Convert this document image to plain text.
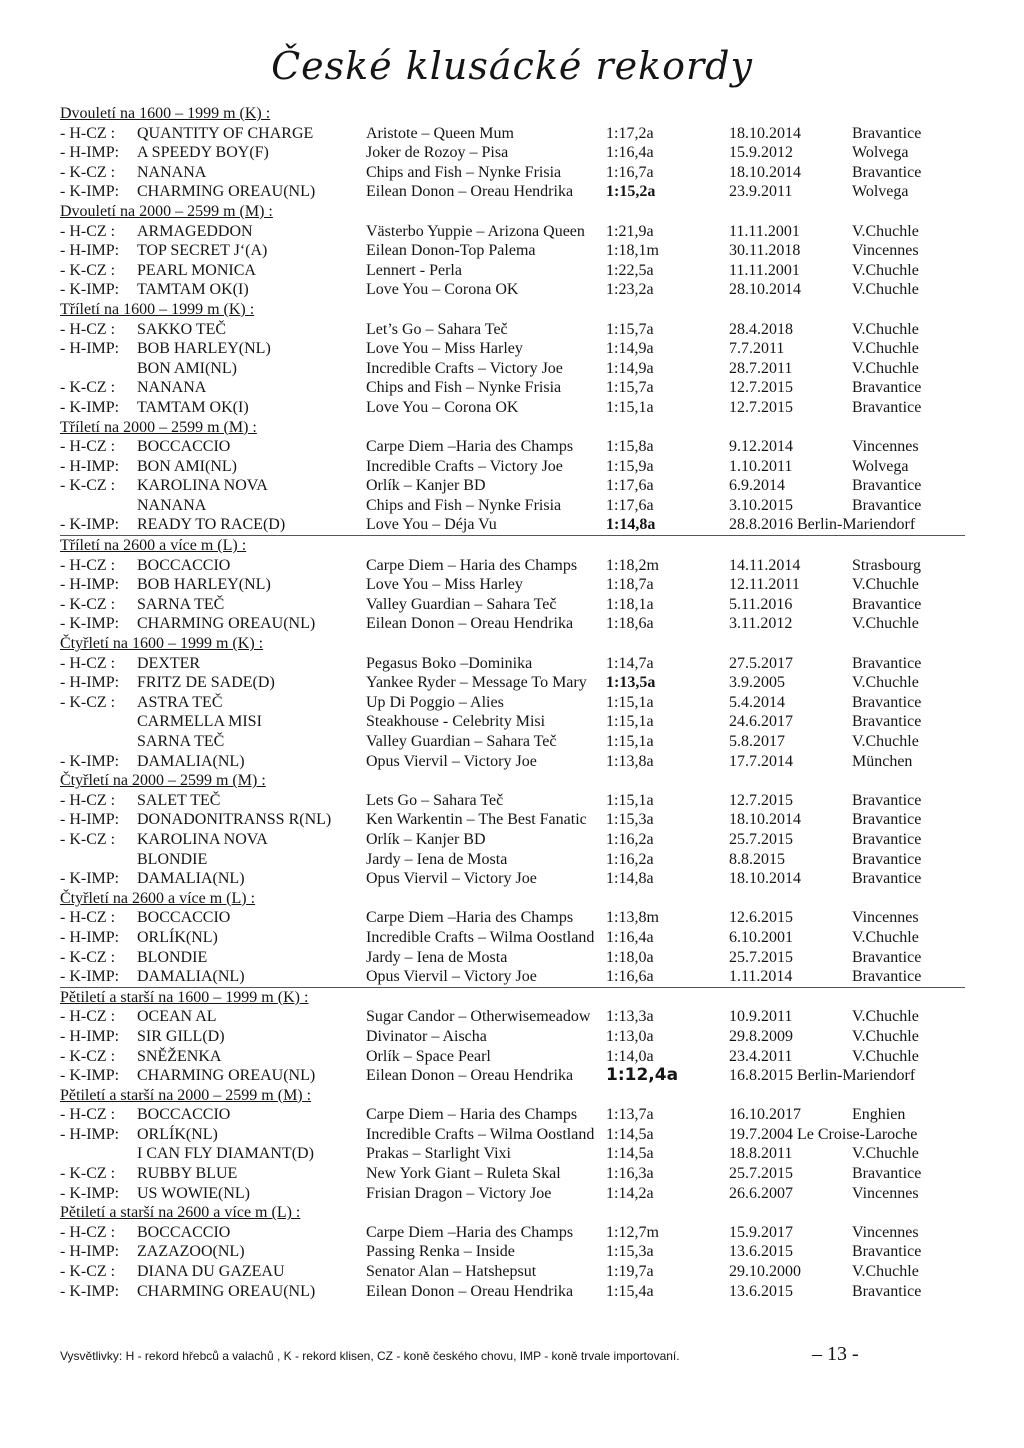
České klusácké rekordy
Dvouletí na 1600 – 1999 m (K) :
- H-CZ : QUANTITY OF CHARGE	Aristote – Queen Mum	1:17,2a	18.10.2014	Bravantice
- H-IMP: A SPEEDY BOY(F)	Joker de Rozoy – Pisa	1:16,4a	15.9.2012	Wolvega
- K-CZ : NANANA	Chips and Fish – Nynke Frisia	1:16,7a	18.10.2014	Bravantice
- K-IMP: CHARMING OREAU(NL)	Eilean Donon – Oreau Hendrika 1:15,2a	23.9.2011	Wolvega
Dvouletí na 2000 – 2599 m (M) :
- H-CZ : ARMAGEDDON	Västerbo Yuppie – Arizona Queen 1:21,9a	11.11.2001	V.Chuchle
- H-IMP: TOP SECRET J‘(A)	Eilean Donon-Top Palema	1:18,1m	30.11.2018	Vincennes
- K-CZ : PEARL MONICA	Lennert - Perla	1:22,5a	11.11.2001	V.Chuchle
- K-IMP: TAMTAM OK(I)	Love You – Corona OK	1:23,2a	28.10.2014	V.Chuchle
Tříletí na 1600 – 1999 m (K) :
- H-CZ : SAKKO TEČ	Let’s Go – Sahara Teč	1:15,7a	28.4.2018	V.Chuchle
- H-IMP: BOB HARLEY(NL)	Love You – Miss Harley	1:14,9a	7.7.2011	V.Chuchle
BON AMI(NL)	Incredible Crafts – Victory Joe	1:14,9a	28.7.2011	V.Chuchle
- K-CZ : NANANA	Chips and Fish – Nynke Frisia	1:15,7a	12.7.2015	Bravantice
- K-IMP: TAMTAM OK(I)	Love You – Corona OK	1:15,1a	12.7.2015	Bravantice
Tříletí na 2000 – 2599 m (M) :
- H-CZ : BOCCACCIO	Carpe Diem –Haria des Champs 1:15,8a	9.12.2014	Vincennes
- H-IMP: BON AMI(NL)	Incredible Crafts – Victory Joe	1:15,9a	1.10.2011	Wolvega
- K-CZ : KAROLINA NOVA	Orlík – Kanjer BD	1:17,6a	6.9.2014	Bravantice
NANANA	Chips and Fish – Nynke Frisia	1:17,6a	3.10.2015	Bravantice
- K-IMP: READY TO RACE(D)	Love You – Déja Vu	1:14,8a	28.8.2016 Berlin-Mariendorf
Tříletí na 2600 a více m (L) :
- H-CZ : BOCCACCIO	Carpe Diem – Haria des Champs 1:18,2m	14.11.2014	Strasbourg
- H-IMP: BOB HARLEY(NL)	Love You – Miss Harley	1:18,7a	12.11.2011	V.Chuchle
- K-CZ : SARNA TEČ	Valley Guardian – Sahara Teč	1:18,1a	5.11.2016	Bravantice
- K-IMP: CHARMING OREAU(NL)	Eilean Donon – Oreau Hendrika 1:18,6a	3.11.2012	V.Chuchle
Čtyřletí na 1600 – 1999 m (K) :
- H-CZ : DEXTER	Pegasus Boko –Dominika	1:14,7a	27.5.2017	Bravantice
- H-IMP: FRITZ DE SADE(D)	Yankee Ryder – Message To Mary 1:13,5a	3.9.2005	V.Chuchle
- K-CZ : ASTRA TEČ	Up Di Poggio – Alies	1:15,1a	5.4.2014	Bravantice
CARMELLA MISI	Steakhouse - Celebrity Misi	1:15,1a	24.6.2017	Bravantice
SARNA TEČ	Valley Guardian – Sahara Teč	1:15,1a	5.8.2017	V.Chuchle
- K-IMP: DAMALIA(NL)	Opus Viervil – Victory Joe	1:13,8a	17.7.2014	München
Čtyřletí na 2000 – 2599 m (M) :
- H-CZ : SALET TEČ	Lets Go – Sahara Teč	1:15,1a	12.7.2015	Bravantice
- H-IMP: DONADONITRANSS R(NL) Ken Warkentin – The Best Fanatic 1:15,3a	18.10.2014	Bravantice
- K-CZ : KAROLINA NOVA	Orlík – Kanjer BD	1:16,2a	25.7.2015	Bravantice
BLONDIE	Jardy – Iena de Mosta	1:16,2a	8.8.2015	Bravantice
- K-IMP: DAMALIA(NL)	Opus Viervil – Victory Joe	1:14,8a	18.10.2014	Bravantice
Čtyřletí na 2600 a více m (L) :
- H-CZ : BOCCACCIO	Carpe Diem –Haria des Champs 1:13,8m	12.6.2015	Vincennes
- H-IMP: ORLÍK(NL)	Incredible Crafts – Wilma Oostland 1:16,4a	6.10.2001	V.Chuchle
- K-CZ : BLONDIE	Jardy – Iena de Mosta	1:18,0a	25.7.2015	Bravantice
- K-IMP: DAMALIA(NL)	Opus Viervil – Victory Joe	1:16,6a	1.11.2014	Bravantice
Pětiletí a starší na 1600 – 1999 m (K) :
- H-CZ : OCEAN AL	Sugar Candor – Otherwisemeadow 1:13,3a	10.9.2011	V.Chuchle
- H-IMP: SIR GILL(D)	Divinator – Aischa	1:13,0a	29.8.2009	V.Chuchle
- K-CZ : SNĚŽENKA	Orlík – Space Pearl	1:14,0a	23.4.2011	V.Chuchle
- K-IMP: CHARMING OREAU(NL)	Eilean Donon – Oreau Hendrika 1:12,4a	16.8.2015 Berlin-Mariendorf
Pětiletí a starší na 2000 – 2599 m (M) :
- H-CZ : BOCCACCIO	Carpe Diem – Haria des Champs 1:13,7a	16.10.2017	Enghien
- H-IMP: ORLÍK(NL)	Incredible Crafts – Wilma Oostland 1:14,5a	19.7.2004 Le Croise-Laroche
I CAN FLY DIAMANT(D)	Prakas – Starlight Vixi	1:14,5a	18.8.2011	V.Chuchle
- K-CZ : RUBBY BLUE	New York Giant – Ruleta Skal	1:16,3a	25.7.2015	Bravantice
- K-IMP: US WOWIE(NL)	Frisian Dragon – Victory Joe	1:14,2a	26.6.2007	Vincennes
Pětiletí a starší na 2600 a více m (L) :
- H-CZ : BOCCACCIO	Carpe Diem –Haria des Champs 1:12,7m	15.9.2017	Vincennes
- H-IMP: ZAZAZOO(NL)	Passing Renka – Inside	1:15,3a	13.6.2015	Bravantice
- K-CZ : DIANA DU GAZEAU	Senator Alan – Hatshepsut	1:19,7a	29.10.2000	V.Chuchle
- K-IMP: CHARMING OREAU(NL)	Eilean Donon – Oreau Hendrika 1:15,4a	13.6.2015	Bravantice
Vysvětlivky: H - rekord hřebců a valachů , K - rekord klisen, CZ - koně českého chovu, IMP - koně trvale importovaní.	– 13 -
